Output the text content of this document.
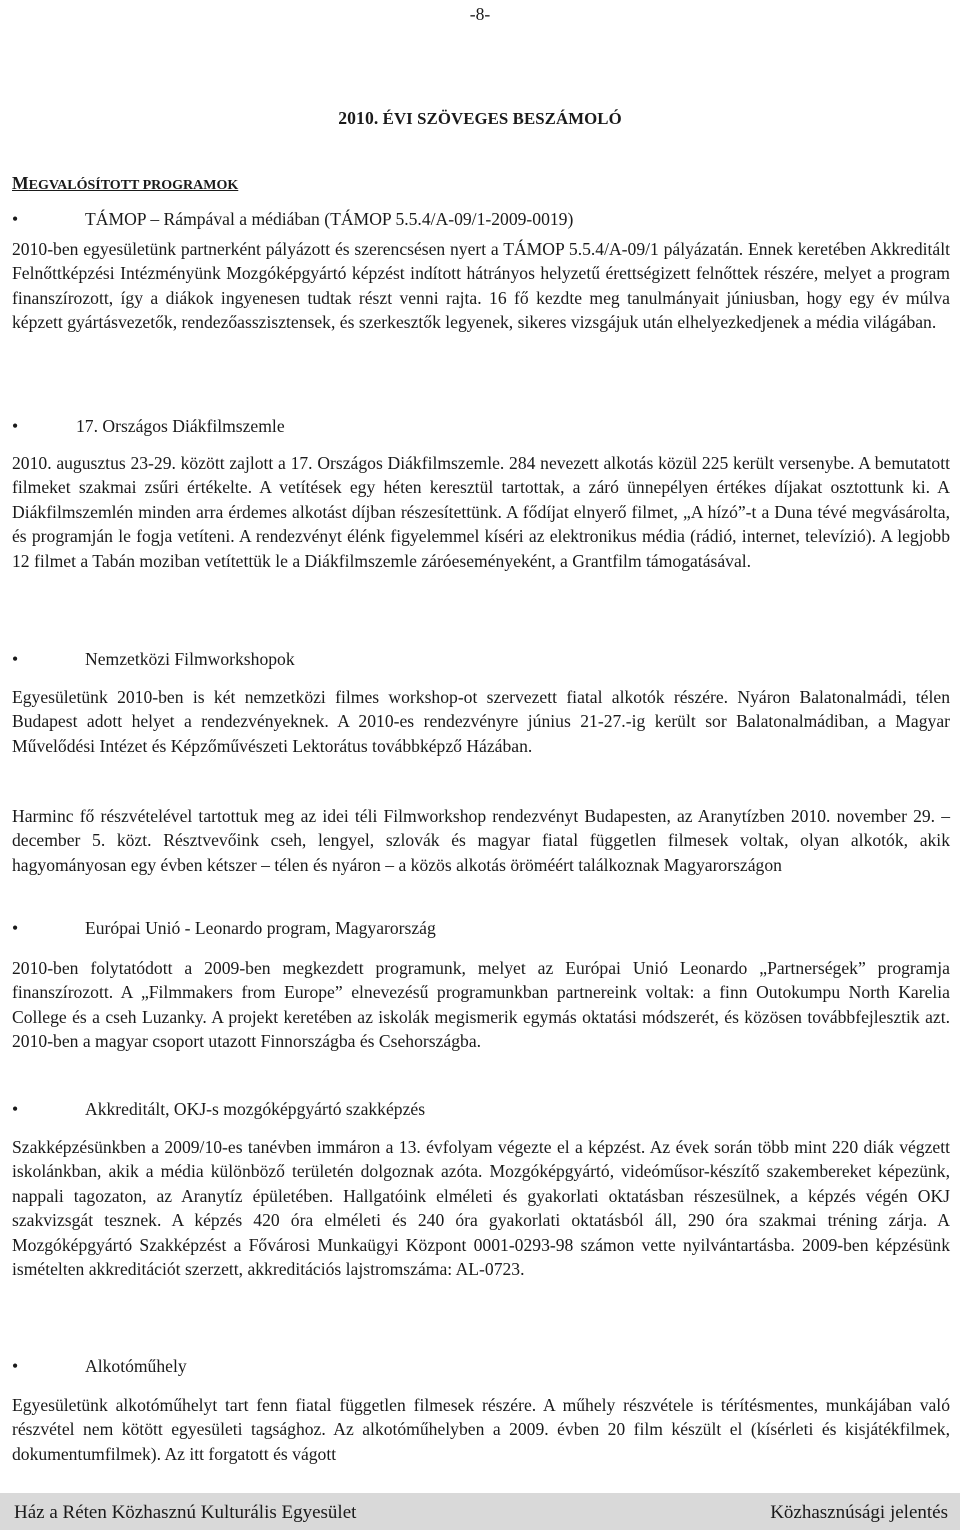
-8-
2010. ÉVI SZÖVEGES BESZÁMOLÓ
MEGVALÓSÍTOTT PROGRAMOK
•	TÁMOP – Rámpával a médiában (TÁMOP 5.5.4/A-09/1-2009-0019)
2010-ben egyesületünk partnerként pályázott és szerencsésen nyert a TÁMOP 5.5.4/A-09/1 pályázatán. Ennek keretében Akkreditált Felnőttképzési Intézményünk Mozgóképgyártó képzést indított hátrányos helyzetű érettségizett felnőttek részére, melyet a program finanszírozott, így a diákok ingyenesen tudtak részt venni rajta. 16 fő kezdte meg tanulmányait júniusban, hogy egy év múlva képzett gyártásvezetők, rendezőasszisztensek, és szerkesztők legyenek, sikeres vizsgájuk után elhelyezkedjenek a média világában.
•	17. Országos Diákfilmszemle
2010. augusztus 23-29. között zajlott a 17. Országos Diákfilmszemle. 284 nevezett alkotás közül 225 került versenybe. A bemutatott filmeket szakmai zsűri értékelte. A vetítések egy héten keresztül tartottak, a záró ünnepélyen értékes díjakat osztottunk ki. A Diákfilmszemlén minden arra érdemes alkotást díjban részesítettünk. A fődíjat elnyerő filmet, „A hízó”-t a Duna tévé megvásárolta, és programján le fogja vetíteni. A rendezvényt élénk figyelemmel kíséri az elektronikus média (rádió, internet, televízió). A legjobb 12 filmet a Tabán moziban vetítettük le a Diákfilmszemle záróeseményeként, a Grantfilm támogatásával.
•	Nemzetközi Filmworkshopok
Egyesületünk 2010-ben is két nemzetközi filmes workshop-ot szervezett fiatal alkotók részére. Nyáron Balatonalmádi, télen Budapest adott helyet a rendezvényeknek. A 2010-es rendezvényre június 21-27.-ig került sor Balatonalmádiban, a Magyar Művelődési Intézet és Képzőművészeti Lektorátus továbbképző Házában.
Harminc fő részvételével tartottuk meg az idei téli Filmworkshop rendezvényt Budapesten, az Aranytízben 2010. november 29. – december 5. közt. Résztvevőink cseh, lengyel, szlovák és magyar fiatal független filmesek voltak, olyan alkotók, akik hagyományosan egy évben kétszer – télen és nyáron – a közös alkotás öröméért találkoznak Magyarországon
•	Európai Unió - Leonardo program, Magyarország
2010-ben folytatódott a 2009-ben megkezdett programunk, melyet az Európai Unió Leonardo „Partnerségek” programja finanszírozott. A „Filmmakers from Europe” elnevezésű programunkban partnereink voltak: a finn Outokumpu North Karelia College és a cseh Luzanky. A projekt keretében az iskolák megismerik egymás oktatási módszerét, és közösen továbbfejlesztik azt. 2010-ben a magyar csoport utazott Finnországba és Csehországba.
•	Akkreditált, OKJ-s mozgóképgyártó szakképzés
Szakképzésünkben a 2009/10-es tanévben immáron a 13. évfolyam végezte el a képzést. Az évek során több mint 220 diák végzett iskolánkban, akik a média különböző területén dolgoznak azóta. Mozgóképgyártó, videóműsor-készítő szakembereket képezünk, nappali tagozaton, az Aranytíz épületében. Hallgatóink elméleti és gyakorlati oktatásban részesülnek, a képzés végén OKJ szakvizsgát tesznek. A képzés 420 óra elméleti és 240 óra gyakorlati oktatásból áll, 290 óra szakmai tréning zárja. A Mozgóképgyártó Szakképzést a Fővárosi Munkaügyi Központ 0001-0293-98 számon vette nyilvántartásba. 2009-ben képzésünk ismételten akkreditációt szerzett, akkreditációs lajstromszáma: AL-0723.
•	Alkotóműhely
Egyesületünk alkotóműhelyt tart fenn fiatal független filmesek részére. A műhely részvétele is térítésmentes, munkájában való részvétel nem kötött egyesületi tagsághoz. Az alkotóműhelyben a 2009. évben 20 film készült el (kísérleti és kisjátékfilmek, dokumentumfilmek). Az itt forgatott és vágott
Ház a Réten Közhasznú Kulturális Egyesület	Közhasznúsági jelentés
